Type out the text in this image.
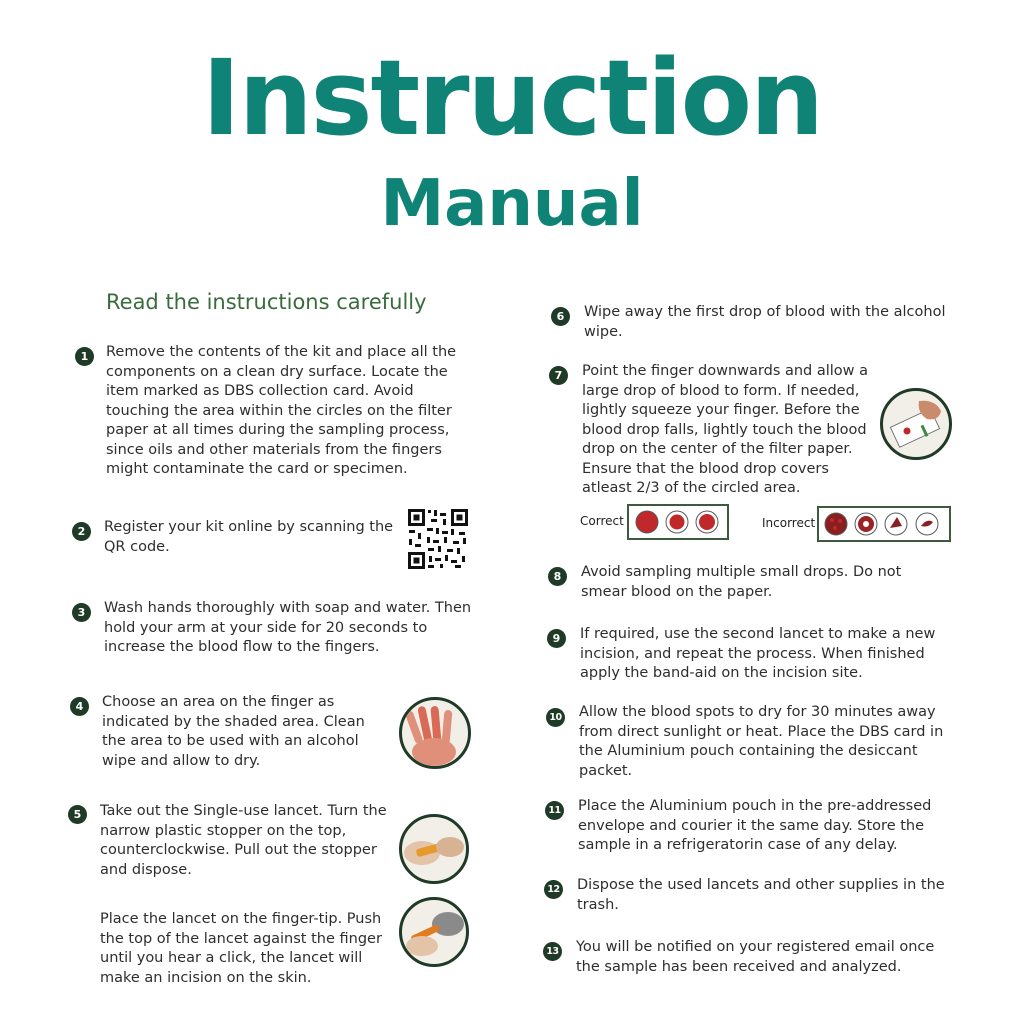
Instruction
Manual
Read the instructions carefully
1	Remove the contents of the kit and place all the components on a clean dry surface. Locate the item marked as DBS collection card. Avoid touching the area within the circles on the filter paper at all times during the sampling process, since oils and other materials from the fingers might contaminate the card or specimen.
2	Register your kit online by scanning the QR code.
3	Wash hands thoroughly with soap and water. Then hold your arm at your side for 20 seconds to increase the blood flow to the fingers.
4	Choose an area on the finger as indicated by the shaded area. Clean the area to be used with an alcohol wipe and allow to dry.
5	Take out the Single-use lancet. Turn the narrow plastic stopper on the top, counterclockwise. Pull out the stopper and dispose.
Place the lancet on the finger-tip. Push the top of the lancet against the finger until you hear a click, the lancet will make an incision on the skin.
6	Wipe away the first drop of blood with the alcohol wipe.
7	Point the finger downwards and allow a large drop of blood to form. If needed, lightly squeeze your finger. Before the blood drop falls, lightly touch the blood drop on the center of the filter paper. Ensure that the blood drop covers atleast 2/3 of the circled area.
Correct	Incorrect
8	Avoid sampling multiple small drops. Do not smear blood on the paper.
9	If required, use the second lancet to make a new incision, and repeat the process. When finished apply the band-aid on the incision site.
10 Allow the blood spots to dry for 30 minutes away from direct sunlight or heat. Place the DBS card in the Aluminium pouch containing the desiccant packet.
11 Place the Aluminium pouch in the pre-addressed envelope and courier it the same day. Store the sample in a refrigeratorin case of any delay.
12 Dispose the used lancets and other supplies in the trash.
13 You will be notified on your registered email once the sample has been received and analyzed.
